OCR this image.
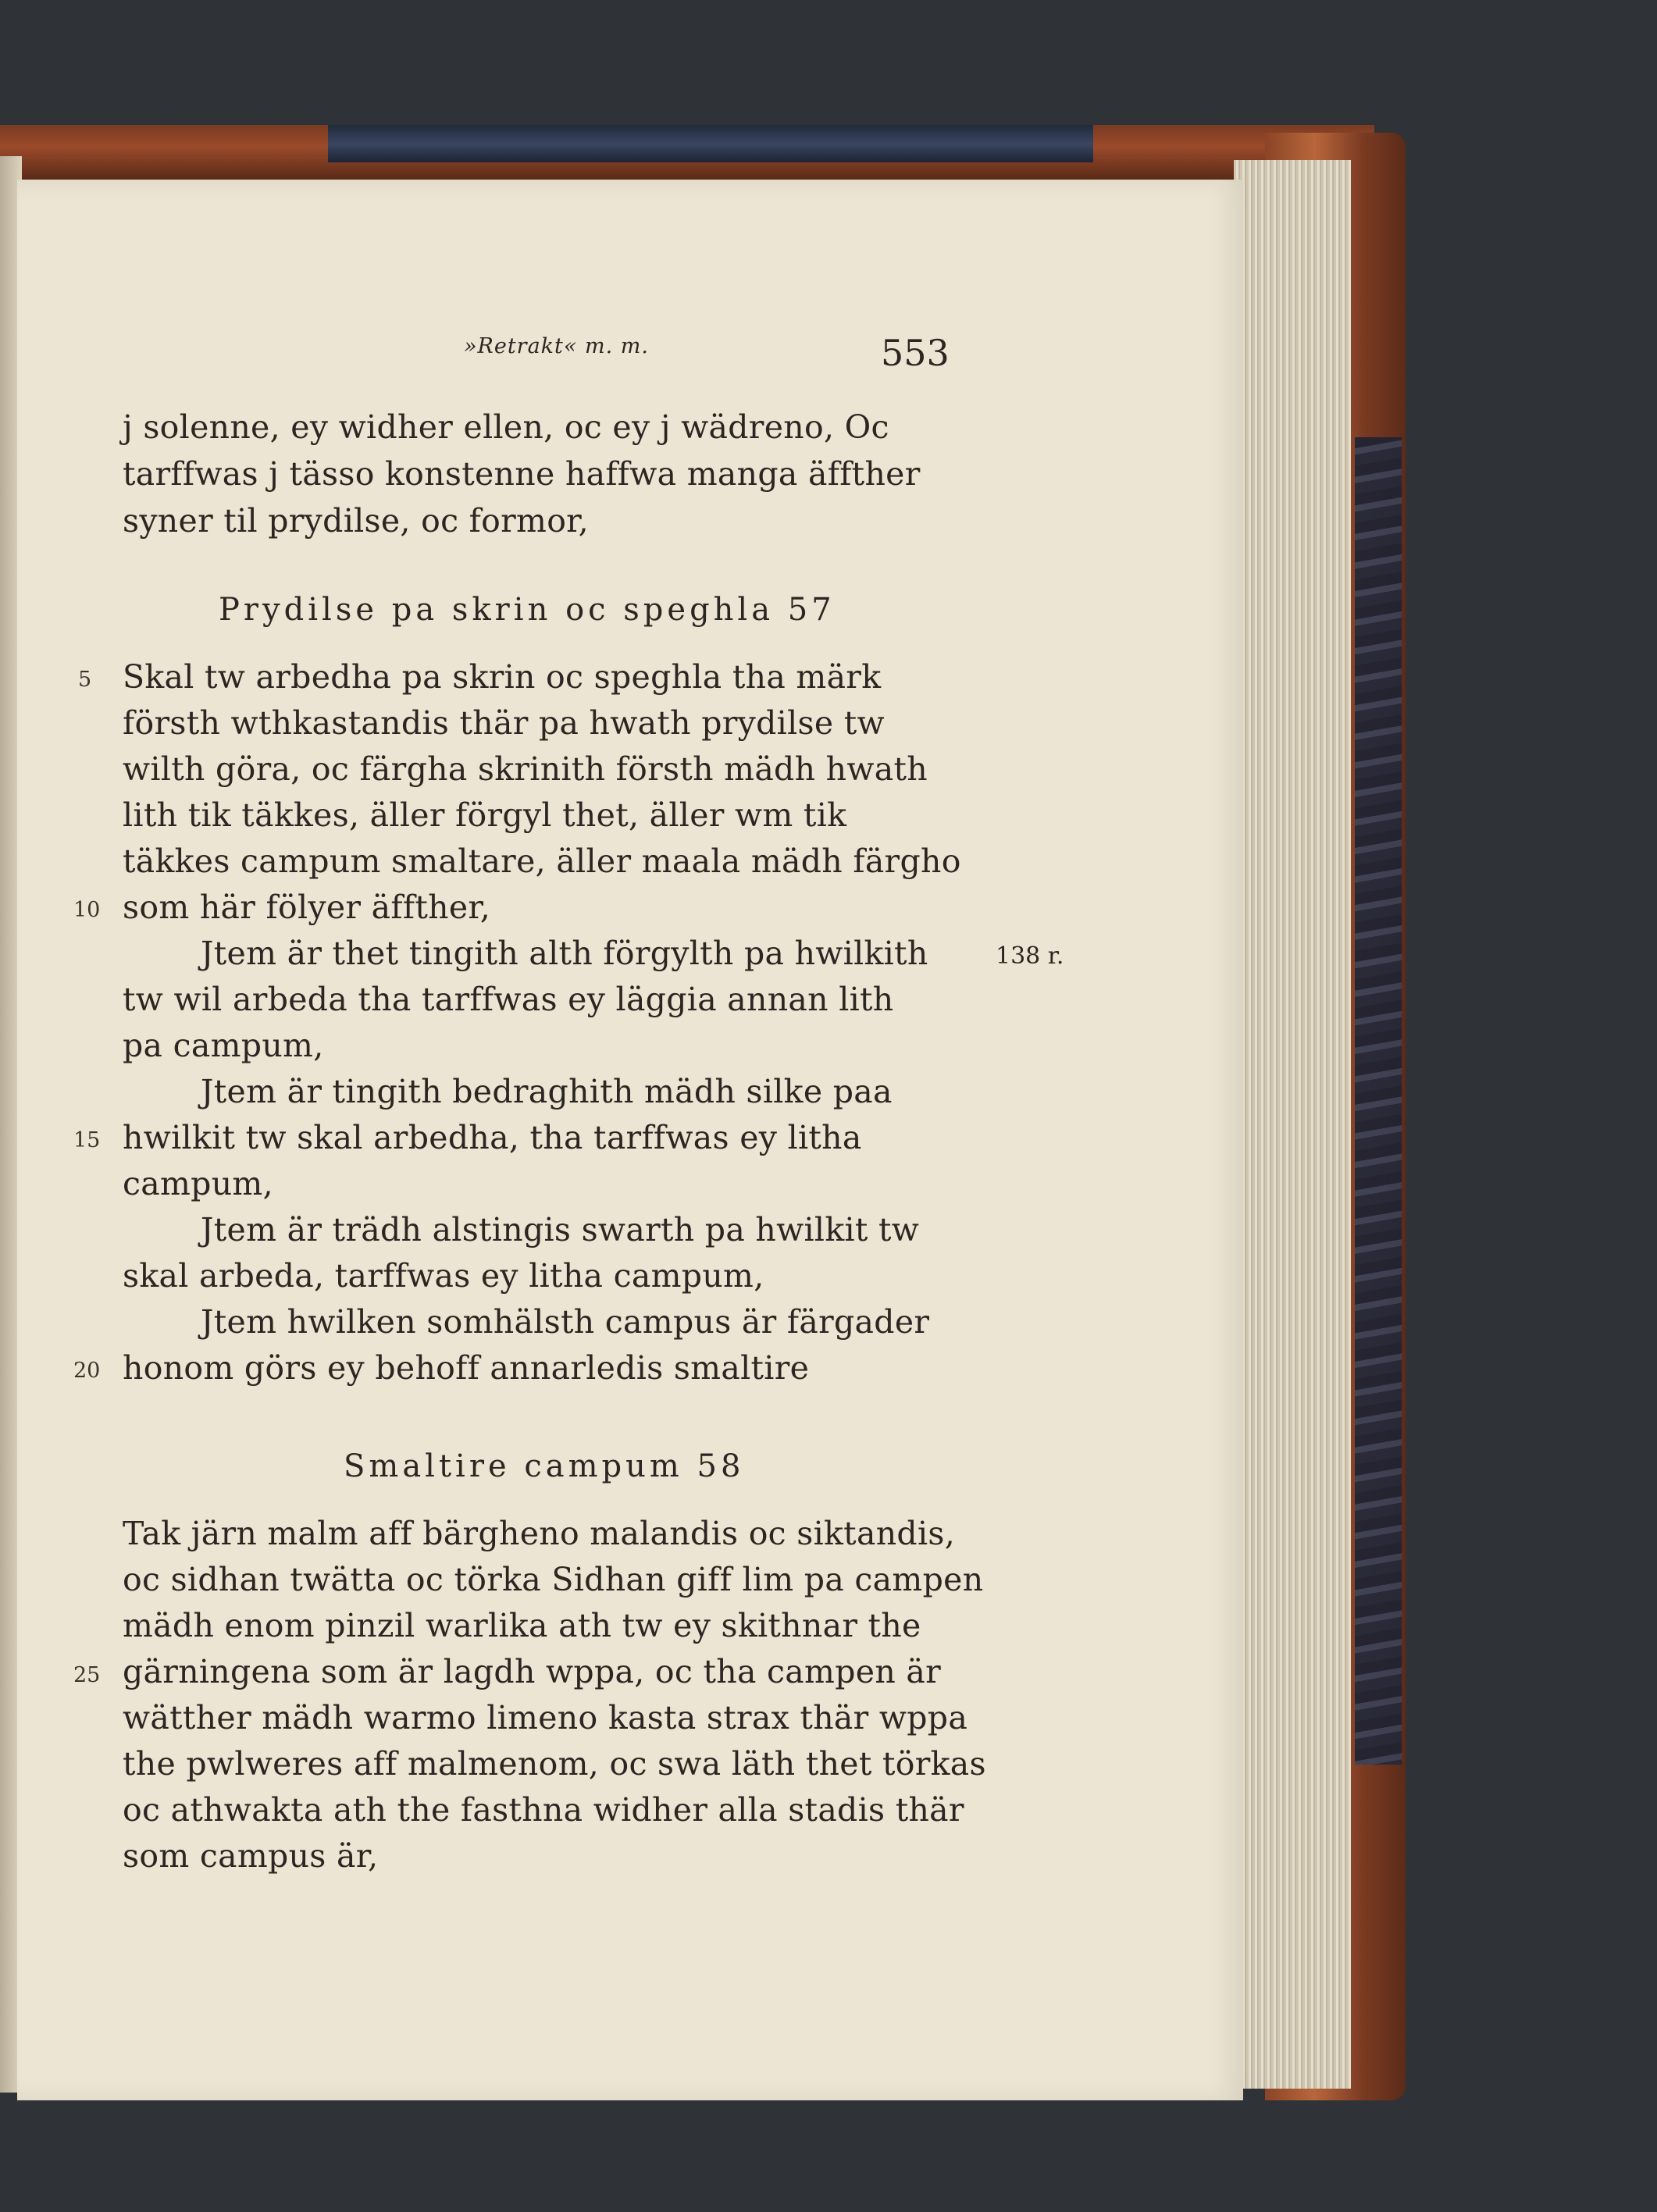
»Retrakt« m. m.	553
j solenne, ey widher ellen, oc ey j wädreno, Oc
tarffwas j tässo konstenne haffwa manga äffther
syner til prydilse, oc formor,
Prydilse pa skrin oc speghla 57
Skal tw arbedha pa skrin oc speghla tha märk
försth wthkastandis thär pa hwath prydilse tw
wilth göra, oc färgha skrinith försth mädh hwath
lith tik täkkes, äller förgyl thet, äller wm tik
täkkes campum smaltare, äller maala mädh färgho
som här fölyer äffther,
Jtem är thet tingith alth förgylth pa hwilkith
tw wil arbeda tha tarffwas ey läggia annan lith
pa campum,
Jtem är tingith bedraghith mädh silke paa
hwilkit tw skal arbedha, tha tarffwas ey litha
campum,
Jtem är trädh alstingis swarth pa hwilkit tw
skal arbeda, tarffwas ey litha campum,
Jtem hwilken somhälsth campus är färgader
honom görs ey behoff annarledis smaltire
Smaltire campum 58
Tak järn malm aff bärgheno malandis oc siktandis,
oc sidhan twätta oc törka Sidhan giff lim pa campen
mädh enom pinzil warlika ath tw ey skithnar the
gärningena som är lagdh wppa, oc tha campen är
wätther mädh warmo limeno kasta strax thär wppa
the pwlweres aff malmenom, oc swa läth thet törkas
oc athwakta ath the fasthna widher alla stadis thär
som campus är,
5
10
15
20
25
138 r.
